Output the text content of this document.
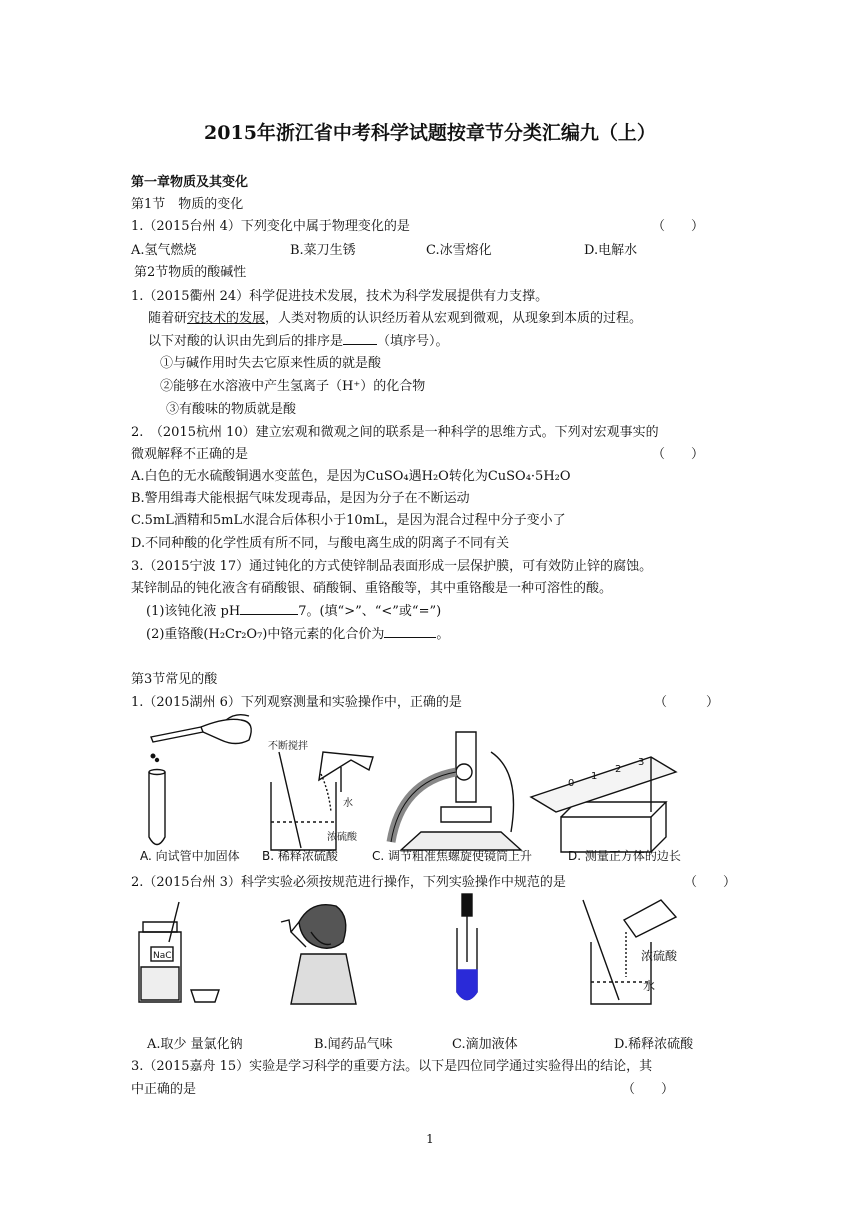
2015年浙江省中考科学试题按章节分类汇编九（上）
第一章物质及其变化
第1节　物质的变化
1.（2015台州 4）下列变化中属于物理变化的是	（　　）
A.氢气燃烧	B.菜刀生锈	C.冰雪熔化	D.电解水
第2节物质的酸碱性
1.（2015衢州 24）科学促进技术发展，技术为科学发展提供有力支撑。
随着研究技术的发展，人类对物质的认识经历着从宏观到微观，从现象到本质的过程。
以下对酸的认识由先到后的排序是	（填序号）。
①与碱作用时失去它原来性质的就是酸
②能够在水溶液中产生氢离子（H⁺）的化合物
③有酸味的物质就是酸
2.　（2015杭州 10）建立宏观和微观之间的联系是一种科学的思维方式。下列对宏观事实的
微观解释不正确的是	（　　）
A.白色的无水硫酸铜遇水变蓝色，是因为CuSO₄遇H₂O转化为CuSO₄·5H₂O
B.警用缉毒犬能根据气味发现毒品，是因为分子在不断运动
C.5mL酒精和5mL水混合后体积小于10mL，是因为混合过程中分子变小了
D.不同种酸的化学性质有所不同，与酸电离生成的阴离子不同有关
3.（2015宁波 17）通过钝化的方式使锌制品表面形成一层保护膜，可有效防止锌的腐蚀。
某锌制品的钝化液含有硝酸银、硝酸铜、重铬酸等，其中重铬酸是一种可溶性的酸。
(1)该钝化液 pH	7。(填“>”、“<”或“=”)
(2)重铬酸(H₂Cr₂O₇)中铬元素的化合价为	。
第3节常见的酸
1.（2015湖州 6）下列观察测量和实验操作中，正确的是	（　　　）
不断搅拌
水
浓硫酸
0
1
2
3
A. 向试管中加固体 B. 稀释浓硫酸	C. 调节粗准焦螺旋使镜筒上升	D. 测量正方体的边长
2.（2015台州 3）科学实验必须按规范进行操作，下列实验操作中规范的是	（　　）
NaCl	浓硫酸
水
A.取少 量氯化钠	B.闻药品气味	C.滴加液体	D.稀释浓硫酸
3.（2015嘉舟 15）实验是学习科学的重要方法。以下是四位同学通过实验得出的结论，其
中正确的是	（　　）
1
